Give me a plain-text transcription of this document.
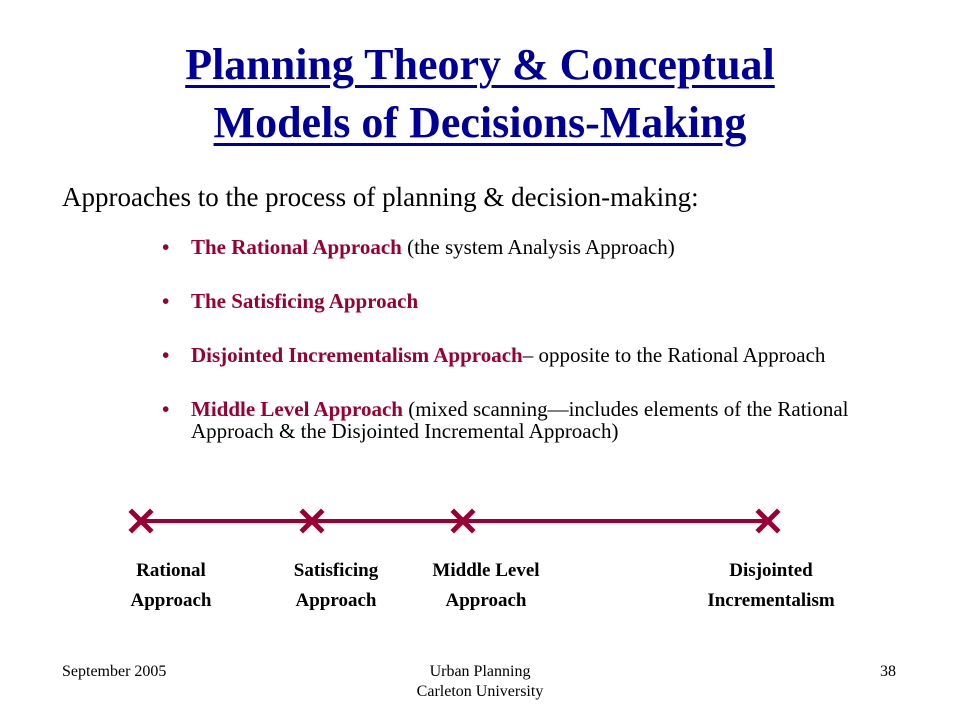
Planning Theory & Conceptual
Models of Decisions-Making
Approaches to the process of planning & decision-making:
• The Rational Approach (the system Analysis Approach)
• The Satisficing Approach
• Disjointed Incrementalism Approach– opposite to the Rational Approach
• Middle Level Approach (mixed scanning—includes elements of the Rational Approach & the Disjointed Incremental Approach)
Rational
Approach
Satisficing
Approach
Middle Level
Approach
Disjointed
Incrementalism
September 2005	Urban Planning
Carleton University
38
